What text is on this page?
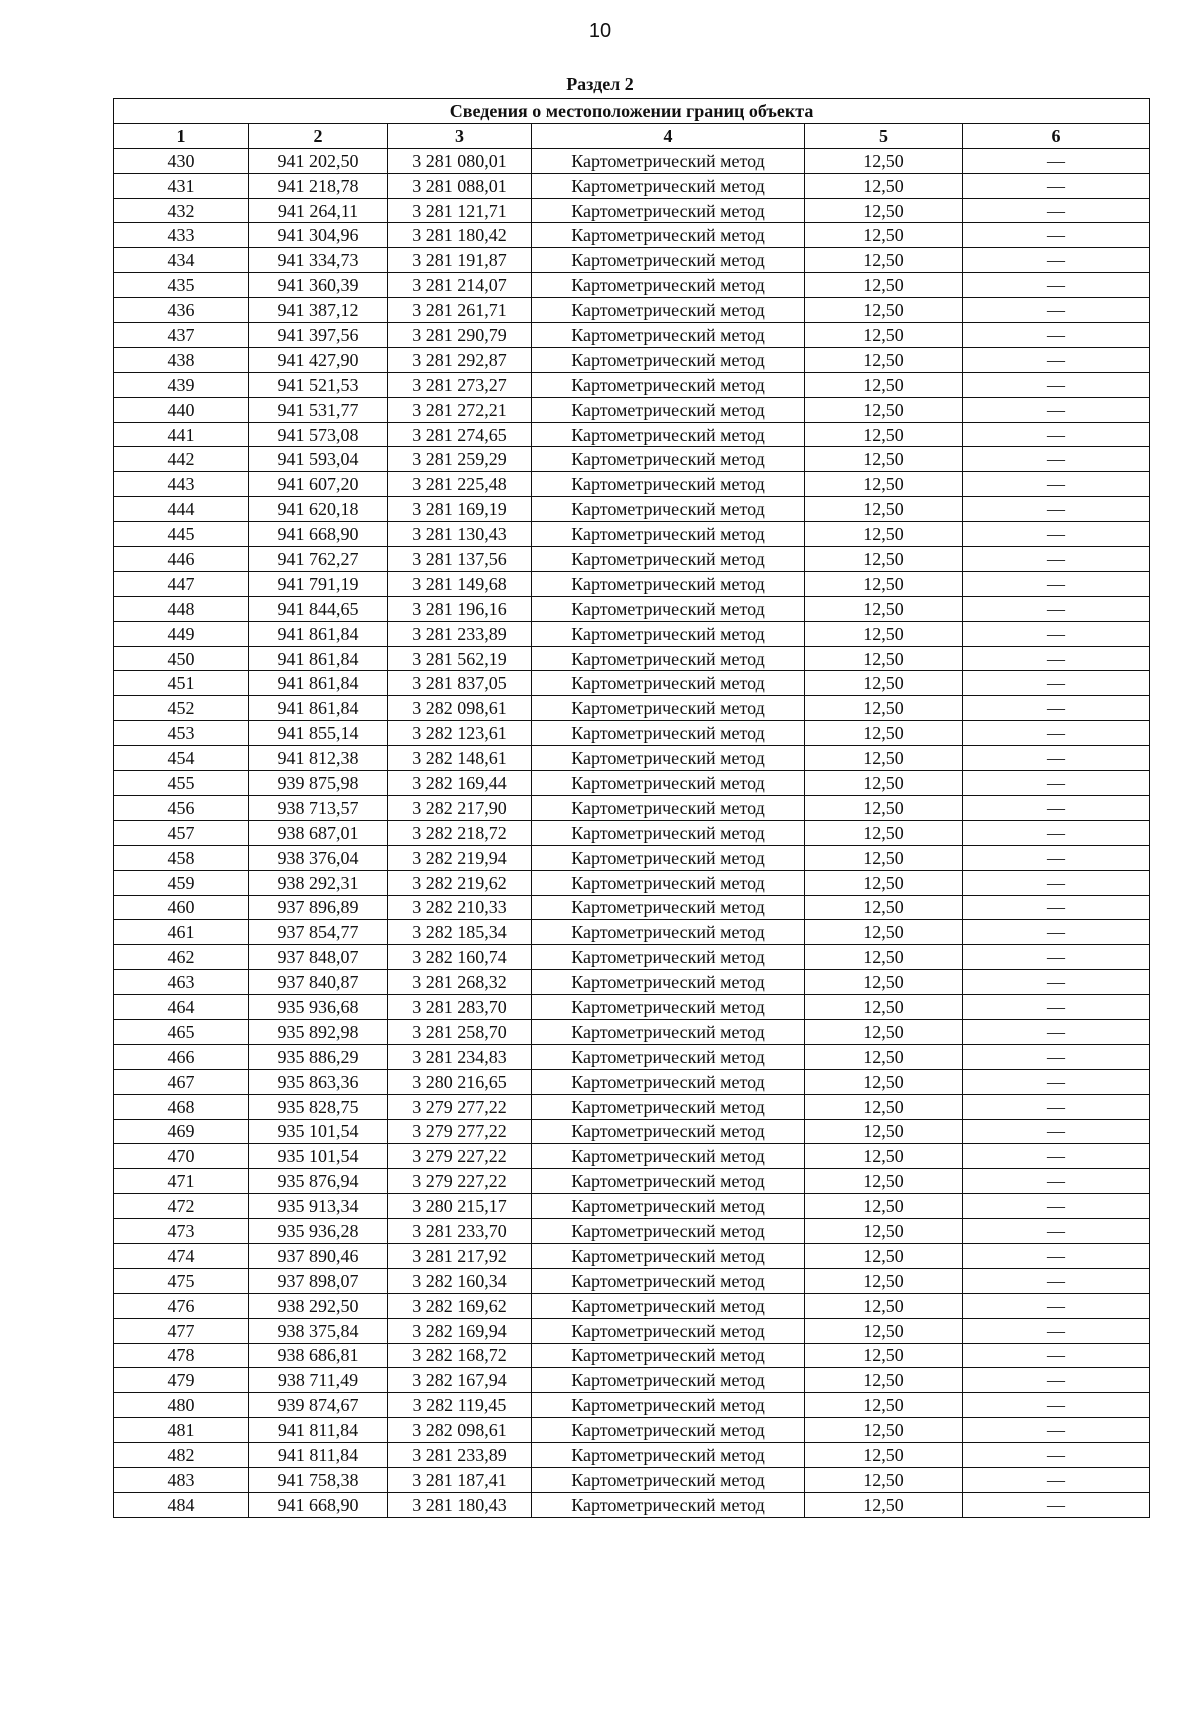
10
Раздел 2
Сведения о местоположении границ объекта					
1	2	3	4	5	6
430	941 202,50	3 281 080,01	Картометрический метод	12,50	—
431	941 218,78	3 281 088,01	Картометрический метод	12,50	—
432	941 264,11	3 281 121,71	Картометрический метод	12,50	—
433	941 304,96	3 281 180,42	Картометрический метод	12,50	—
434	941 334,73	3 281 191,87	Картометрический метод	12,50	—
435	941 360,39	3 281 214,07	Картометрический метод	12,50	—
436	941 387,12	3 281 261,71	Картометрический метод	12,50	—
437	941 397,56	3 281 290,79	Картометрический метод	12,50	—
438	941 427,90	3 281 292,87	Картометрический метод	12,50	—
439	941 521,53	3 281 273,27	Картометрический метод	12,50	—
440	941 531,77	3 281 272,21	Картометрический метод	12,50	—
441	941 573,08	3 281 274,65	Картометрический метод	12,50	—
442	941 593,04	3 281 259,29	Картометрический метод	12,50	—
443	941 607,20	3 281 225,48	Картометрический метод	12,50	—
444	941 620,18	3 281 169,19	Картометрический метод	12,50	—
445	941 668,90	3 281 130,43	Картометрический метод	12,50	—
446	941 762,27	3 281 137,56	Картометрический метод	12,50	—
447	941 791,19	3 281 149,68	Картометрический метод	12,50	—
448	941 844,65	3 281 196,16	Картометрический метод	12,50	—
449	941 861,84	3 281 233,89	Картометрический метод	12,50	—
450	941 861,84	3 281 562,19	Картометрический метод	12,50	—
451	941 861,84	3 281 837,05	Картометрический метод	12,50	—
452	941 861,84	3 282 098,61	Картометрический метод	12,50	—
453	941 855,14	3 282 123,61	Картометрический метод	12,50	—
454	941 812,38	3 282 148,61	Картометрический метод	12,50	—
455	939 875,98	3 282 169,44	Картометрический метод	12,50	—
456	938 713,57	3 282 217,90	Картометрический метод	12,50	—
457	938 687,01	3 282 218,72	Картометрический метод	12,50	—
458	938 376,04	3 282 219,94	Картометрический метод	12,50	—
459	938 292,31	3 282 219,62	Картометрический метод	12,50	—
460	937 896,89	3 282 210,33	Картометрический метод	12,50	—
461	937 854,77	3 282 185,34	Картометрический метод	12,50	—
462	937 848,07	3 282 160,74	Картометрический метод	12,50	—
463	937 840,87	3 281 268,32	Картометрический метод	12,50	—
464	935 936,68	3 281 283,70	Картометрический метод	12,50	—
465	935 892,98	3 281 258,70	Картометрический метод	12,50	—
466	935 886,29	3 281 234,83	Картометрический метод	12,50	—
467	935 863,36	3 280 216,65	Картометрический метод	12,50	—
468	935 828,75	3 279 277,22	Картометрический метод	12,50	—
469	935 101,54	3 279 277,22	Картометрический метод	12,50	—
470	935 101,54	3 279 227,22	Картометрический метод	12,50	—
471	935 876,94	3 279 227,22	Картометрический метод	12,50	—
472	935 913,34	3 280 215,17	Картометрический метод	12,50	—
473	935 936,28	3 281 233,70	Картометрический метод	12,50	—
474	937 890,46	3 281 217,92	Картометрический метод	12,50	—
475	937 898,07	3 282 160,34	Картометрический метод	12,50	—
476	938 292,50	3 282 169,62	Картометрический метод	12,50	—
477	938 375,84	3 282 169,94	Картометрический метод	12,50	—
478	938 686,81	3 282 168,72	Картометрический метод	12,50	—
479	938 711,49	3 282 167,94	Картометрический метод	12,50	—
480	939 874,67	3 282 119,45	Картометрический метод	12,50	—
481	941 811,84	3 282 098,61	Картометрический метод	12,50	—
482	941 811,84	3 281 233,89	Картометрический метод	12,50	—
483	941 758,38	3 281 187,41	Картометрический метод	12,50	—
484	941 668,90	3 281 180,43	Картометрический метод	12,50	—
